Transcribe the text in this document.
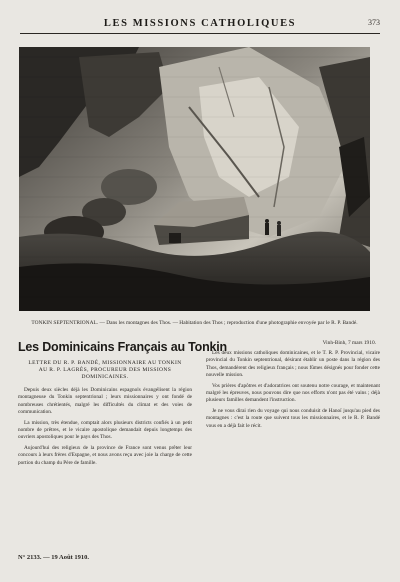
LES MISSIONS CATHOLIQUES	373
TONKIN SEPTENTRIONAL. — Dans les montagnes des Thos. — Habitation des Thos ; reproduction d'une photographie envoyée par le R. P. Bandé.
Les Dominicains Français au Tonkin
LETTRE DU R. P. BANDÉ, MISSIONNAIRE AU TONKIN AU R. P. LAGRÈS, PROCUREUR DES MISSIONS DOMINICAINES.

Depuis deux siècles déjà les Dominicains espagnols évangélisent la région montagneuse du Tonkin septentrional ; leurs missionnaires y ont fondé de nombreuses chrétientés, malgré les difficultés du climat et des voies de communication.

La mission, très étendue, comptait alors plusieurs districts confiés à un petit nombre de prêtres, et le vicaire apostolique demandait depuis longtemps des ouvriers apostoliques pour le pays des Thos.

Aujourd'hui des religieux de la province de France sont venus prêter leur concours à leurs frères d'Espagne, et nous avons reçu avec joie la charge de cette portion du champ du Père de famille.

Vinh-Binh, 7 mars 1910.

Les deux missions catholiques dominicaines, et le T. R. P. Provincial, vicaire provincial du Tonkin septentrional, désirant établir un poste dans la région des Thos, demandèrent des religieux français ; nous fûmes désignés pour fonder cette nouvelle mission.

Vos prières d'apôtres et d'adoratrices ont soutenu notre courage, et maintenant malgré les épreuves, nous pouvons dire que nos efforts n'ont pas été vains ; déjà plusieurs familles demandent l'instruction.

Je ne vous dirai rien du voyage qui nous conduisit de Hanoï jusqu'au pied des montagnes : c'est la route que suivent tous les missionnaires, et le R. P. Bandé vous en a déjà fait le récit.

N° 2133. — 19 Août 1910.
